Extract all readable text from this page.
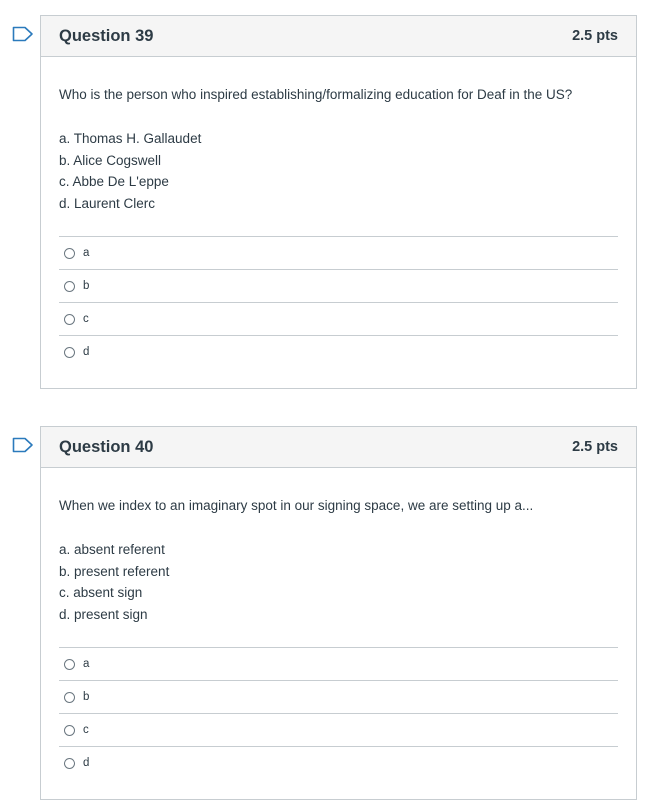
Question 39	2.5 pts

Who is the person who inspired establishing/formalizing education for Deaf in the US?

a. Thomas H. Gallaudet
b. Alice Cogswell
c. Abbe De L'eppe
d. Laurent Clerc
a
b
c
d
Question 40	2.5 pts

When we index to an imaginary spot in our signing space, we are setting up a...

a. absent referent
b. present referent
c. absent sign
d. present sign
a
b
c
d
